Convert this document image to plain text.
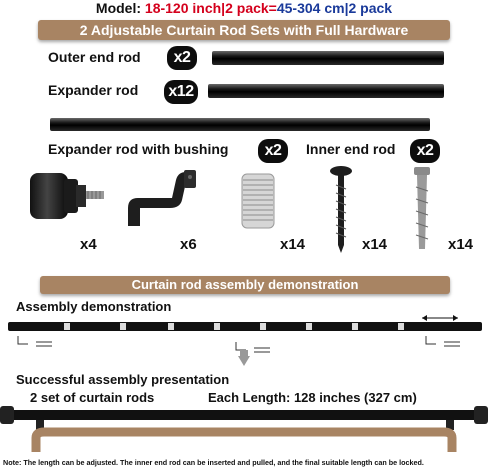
Model: 18-120 inch|2 pack=45-304 cm|2 pack
2 Adjustable Curtain Rod Sets with Full Hardware
Outer end rod	x2
Expander rod x12
Expander rod with bushing	x2	Inner end rod	x2
x4	x6	x14	x14	x14
Curtain rod assembly demonstration
Assembly demonstration
Successful assembly presentation
2 set of curtain rods	Each Length: 128 inches (327 cm)
Note: The length can be adjusted. The inner end rod can be inserted and pulled, and the final suitable length can be locked.
